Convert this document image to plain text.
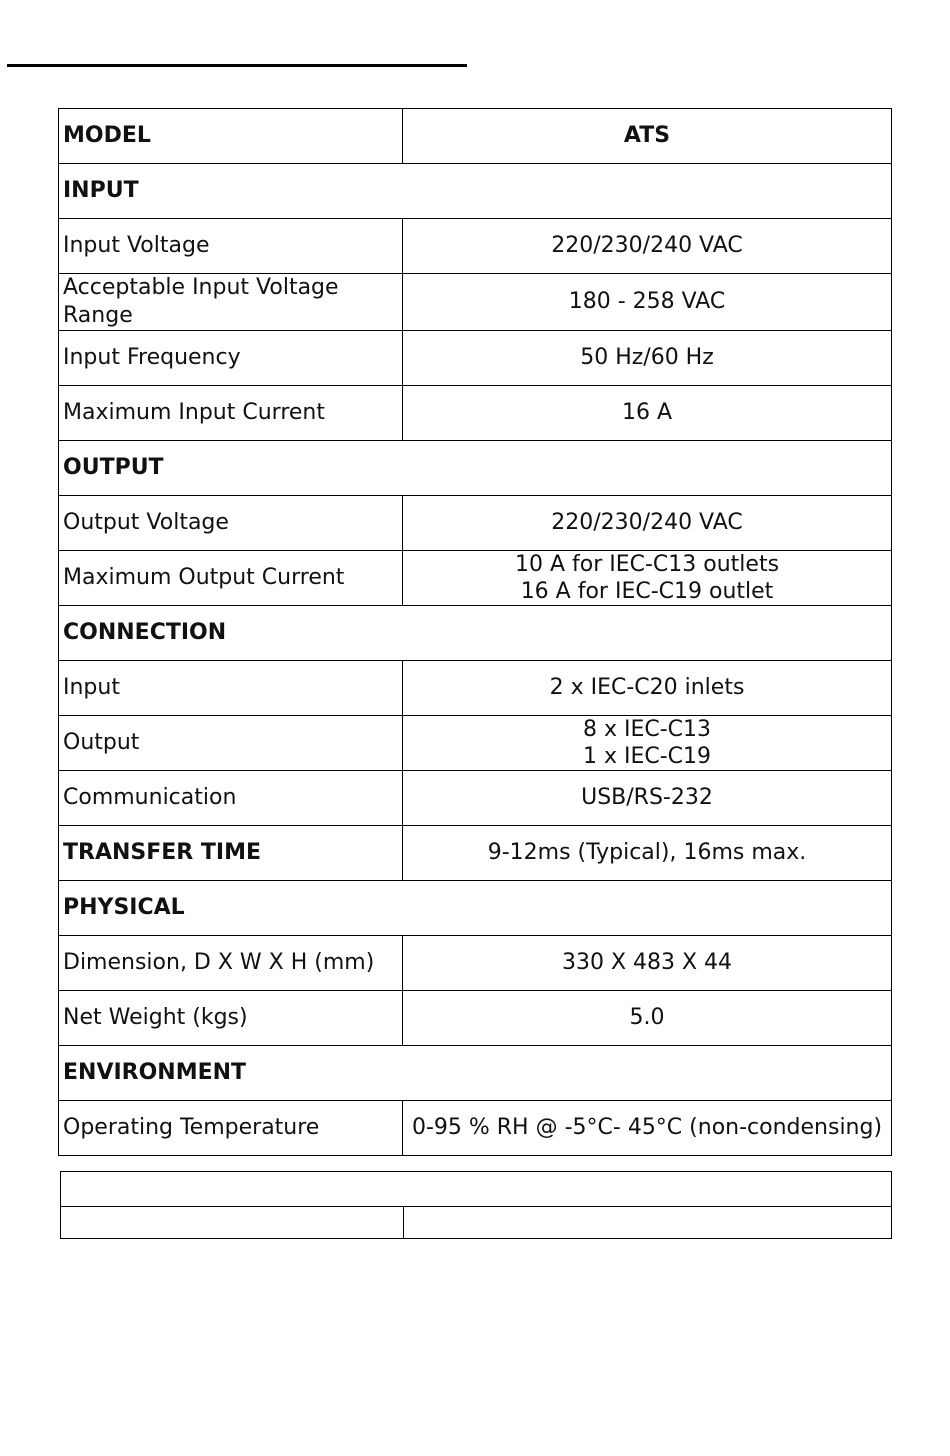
MODEL	ATS
INPUT	
Input Voltage	220/230/240 VAC
Acceptable Input Voltage Range	180 - 258 VAC
Input Frequency	50 Hz/60 Hz
Maximum Input Current	16 A
OUTPUT	
Output Voltage	220/230/240 VAC
Maximum Output Current	10 A for IEC-C13 outlets
16 A for IEC-C19 outlet

CONNECTION	
Input	2 x IEC-C20 inlets
Output	8 x IEC-C13
1 x IEC-C19

Communication	USB/RS-232
TRANSFER TIME	9-12ms (Typical), 16ms max.
PHYSICAL	
Dimension, D X W X H (mm)	330 X 483 X 44
Net Weight (kgs)	5.0
ENVIRONMENT	
Operating Temperature	0-95 % RH @ -5°C- 45°C (non-condensing)
